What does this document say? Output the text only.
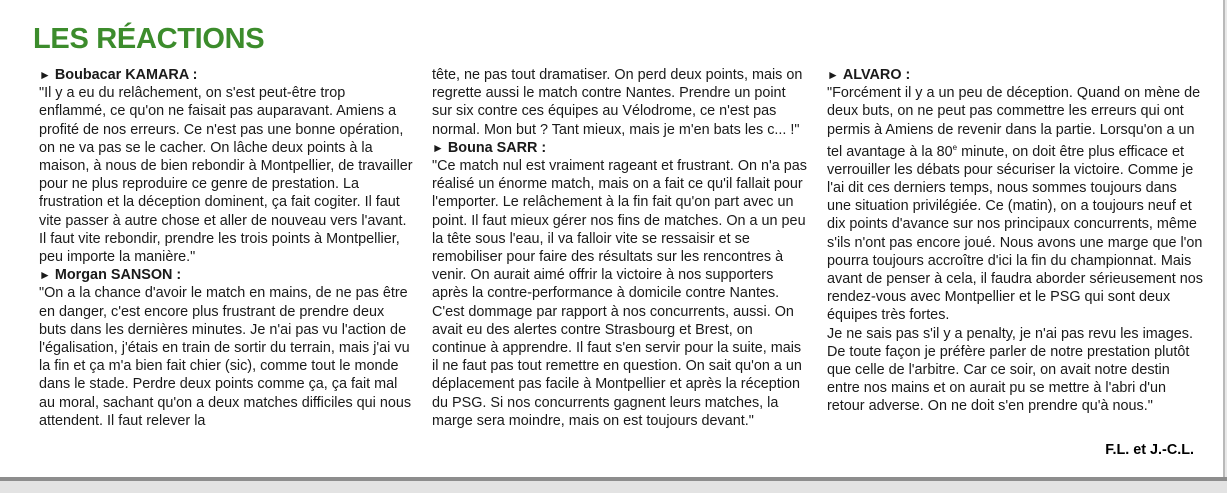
LES RÉACTIONS
► Boubacar KAMARA :
"Il y a eu du relâchement, on s'est peut-être trop enflammé, ce qu'on ne faisait pas auparavant. Amiens a profité de nos erreurs. Ce n'est pas une bonne opération, on ne va pas se le cacher. On lâche deux points à la maison, à nous de bien rebondir à Montpellier, de travailler pour ne plus reproduire ce genre de prestation. La frustration et la déception dominent, ça fait cogiter. Il faut vite passer à autre chose et aller de nouveau vers l'avant. Il faut vite rebondir, prendre les trois points à Montpellier, peu importe la manière."
► Morgan SANSON :
"On a la chance d'avoir le match en mains, de ne pas être en danger, c'est encore plus frustrant de prendre deux buts dans les dernières minutes. Je n'ai pas vu l'action de l'égalisation, j'étais en train de sortir du terrain, mais j'ai vu la fin et ça m'a bien fait chier (sic), comme tout le monde dans le stade. Perdre deux points comme ça, ça fait mal au moral, sachant qu'on a deux matches difficiles qui nous attendent. Il faut relever la
tête, ne pas tout dramatiser. On perd deux points, mais on regrette aussi le match contre Nantes. Prendre un point sur six contre ces équipes au Vélodrome, ce n'est pas normal. Mon but ? Tant mieux, mais je m'en bats les c... !"
► Bouna SARR :
"Ce match nul est vraiment rageant et frustrant. On n'a pas réalisé un énorme match, mais on a fait ce qu'il fallait pour l'emporter. Le relâchement à la fin fait qu'on part avec un point. Il faut mieux gérer nos fins de matches. On a un peu la tête sous l'eau, il va falloir vite se ressaisir et se remobiliser pour faire des résultats sur les rencontres à venir. On aurait aimé offrir la victoire à nos supporters après la contre-performance à domicile contre Nantes. C'est dommage par rapport à nos concurrents, aussi. On avait eu des alertes contre Strasbourg et Brest, on continue à apprendre. Il faut s'en servir pour la suite, mais il ne faut pas tout remettre en question. On sait qu'on a un déplacement pas facile à Montpellier et après la réception du PSG. Si nos concurrents gagnent leurs matches, la marge sera moindre, mais on est toujours devant."
► ALVARO :
"Forcément il y a un peu de déception. Quand on mène de deux buts, on ne peut pas commettre les erreurs qui ont permis à Amiens de revenir dans la partie. Lorsqu'on a un tel avantage à la 80e minute, on doit être plus efficace et verrouiller les débats pour sécuriser la victoire. Comme je l'ai dit ces derniers temps, nous sommes toujours dans une situation privilégiée. Ce (matin), on a toujours neuf et dix points d'avance sur nos principaux concurrents, même s'ils n'ont pas encore joué. Nous avons une marge que l'on pourra toujours accroître d'ici la fin du championnat. Mais avant de penser à cela, il faudra aborder sérieusement nos rendez-vous avec Montpellier et le PSG qui sont deux équipes très fortes.
Je ne sais pas s'il y a penalty, je n'ai pas revu les images. De toute façon je préfère parler de notre prestation plutôt que celle de l'arbitre. Car ce soir, on avait notre destin entre nos mains et on aurait pu se mettre à l'abri d'un retour adverse. On ne doit s'en prendre qu'à nous."
F.L. et J.-C.L.
